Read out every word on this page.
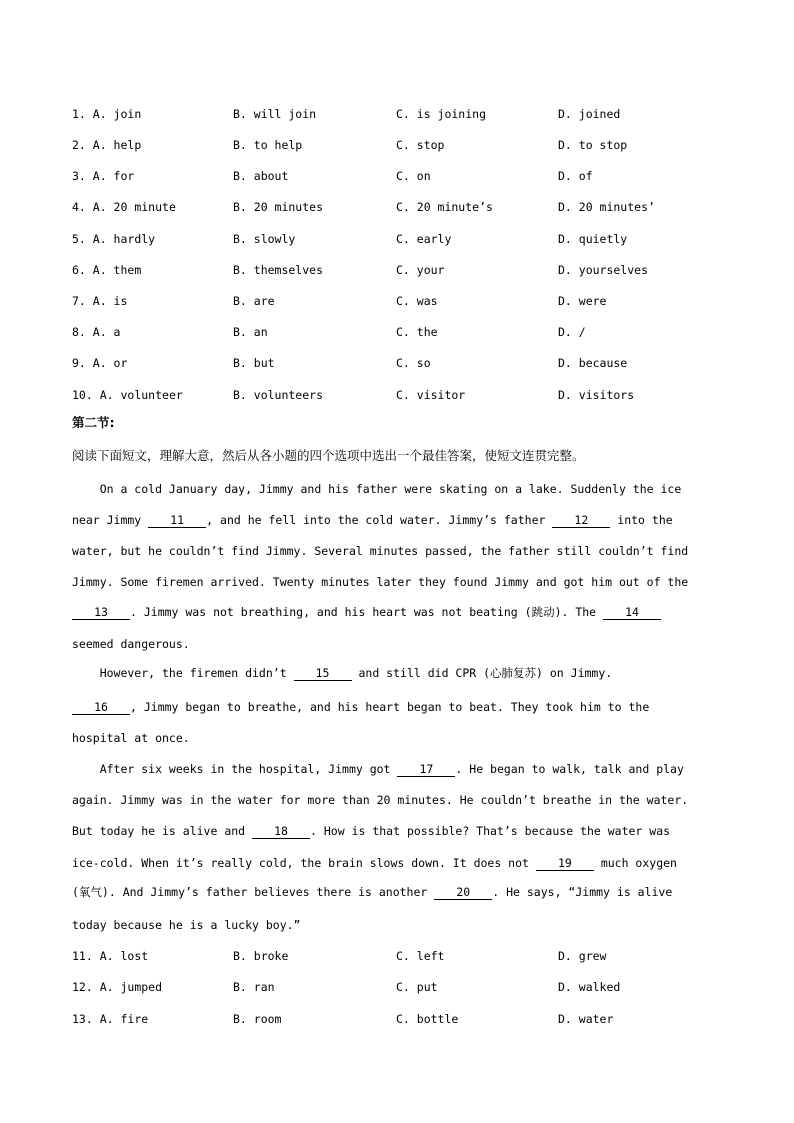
1. A. join	B. will join	C. is joining	D. joined
2. A. help	B. to help	C. stop	D. to stop
3. A. for	B. about	C. on	D. of
4. A. 20 minute	B. 20 minutes	C. 20 minute’s	D. 20 minutes’
5. A. hardly	B. slowly	C. early	D. quietly
6. A. them	B. themselves	C. your	D. yourselves
7. A. is	B. are	C. was	D. were
8. A. a	B. an	C. the	D. /
9. A. or	B. but	C. so	D. because
10. A. volunteer	B. volunteers	C. visitor	D. visitors
第二节:
阅读下面短文，理解大意，然后从各小题的四个选项中选出一个最佳答案，使短文连贯完整。
On a cold January day, Jimmy and his father were skating on a lake. Suddenly the ice
near Jimmy 11 , and he fell into the cold water. Jimmy’s father 12 into the
water, but he couldn’t find Jimmy. Several minutes passed, the father still couldn’t find
Jimmy. Some firemen arrived. Twenty minutes later they found Jimmy and got him out of the
13 . Jimmy was not breathing, and his heart was not beating (跳动). The 14
seemed dangerous.
However, the firemen didn’t 15 and still did CPR (心肺复苏) on Jimmy.
16 , Jimmy began to breathe, and his heart began to beat. They took him to the
hospital at once.
After six weeks in the hospital, Jimmy got 17 . He began to walk, talk and play
again. Jimmy was in the water for more than 20 minutes. He couldn’t breathe in the water.
But today he is alive and 18 . How is that possible? That’s because the water was
ice-cold. When it’s really cold, the brain slows down. It does not 19 much oxygen
(氧气). And Jimmy’s father believes there is another 20 . He says, “Jimmy is alive
today because he is a lucky boy.”
11. A. lost	B. broke	C. left	D. grew
12. A. jumped	B. ran	C. put	D. walked
13. A. fire	B. room	C. bottle	D. water
